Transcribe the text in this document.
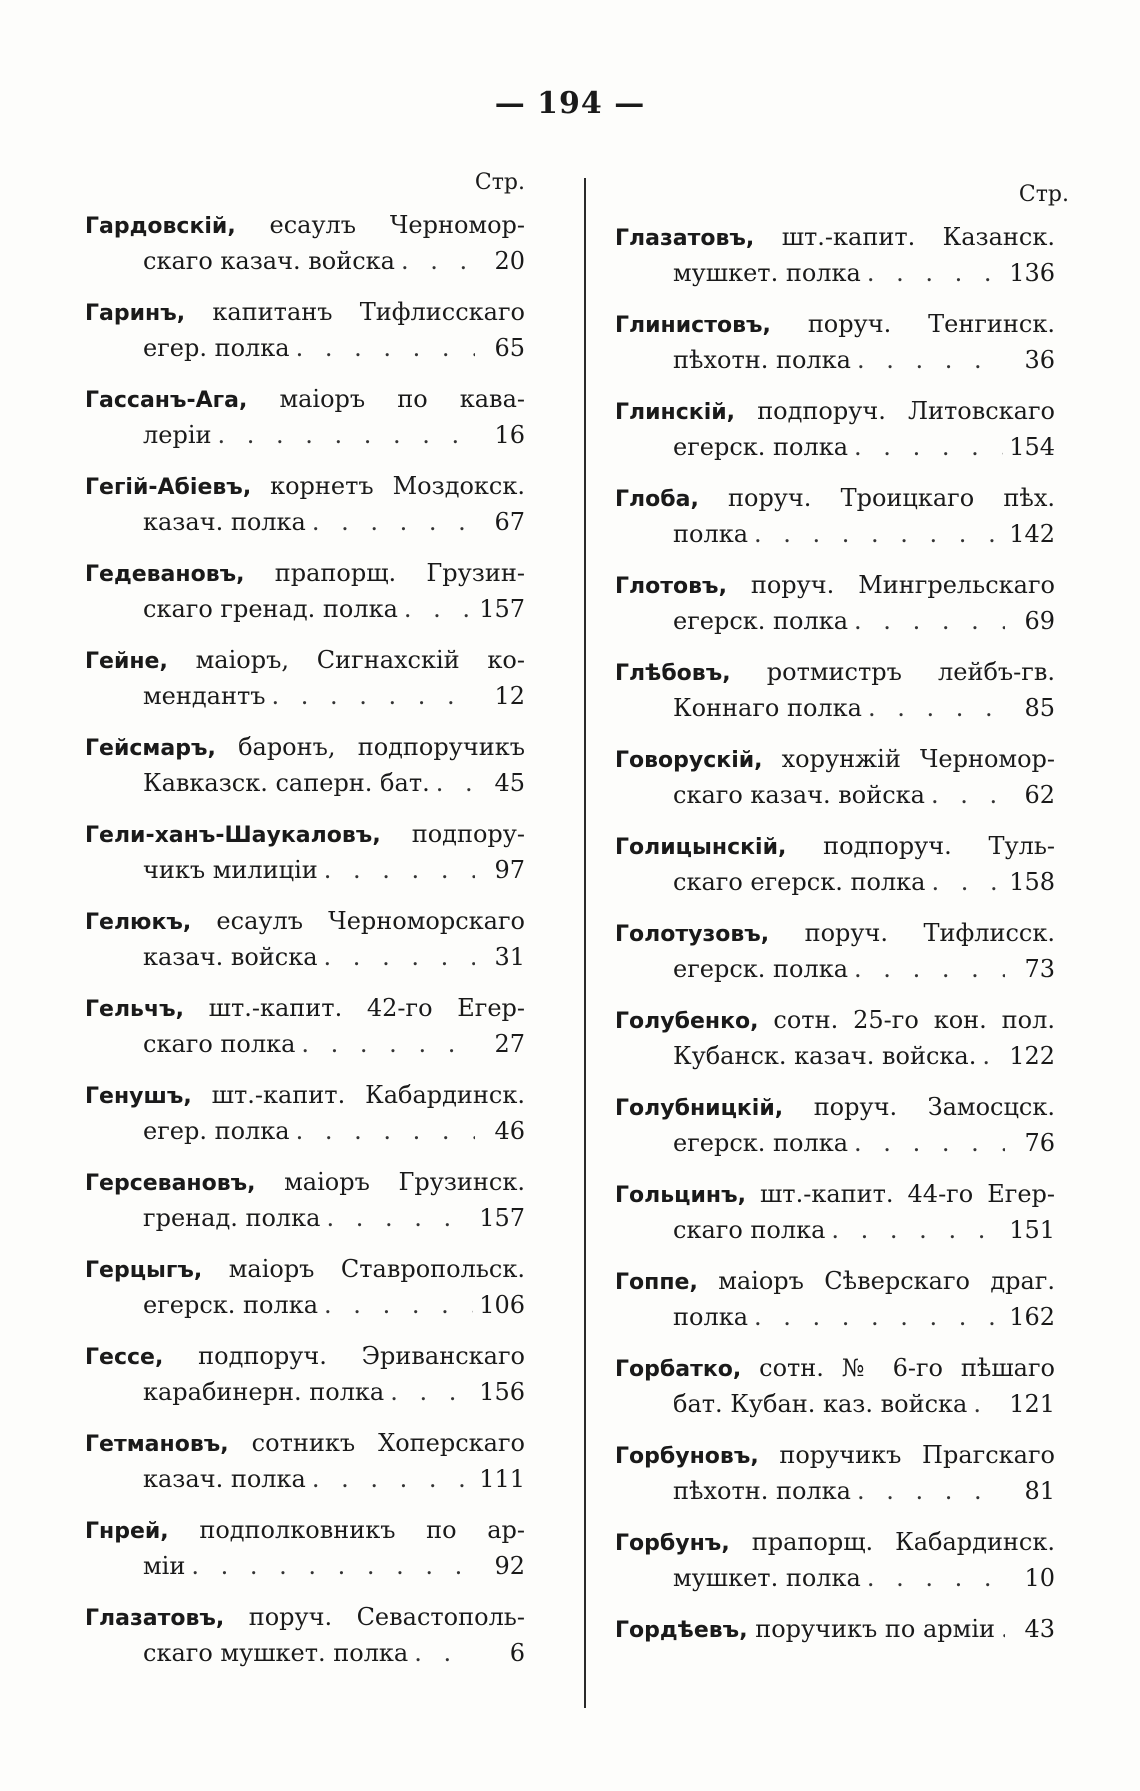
— 194 —
Стр.
Гардовскій, есаулъ Черномор-
скаго казач. войска . . .	20
Гаринъ, капитанъ Тифлисскаго
егер. полка . . .	65
Гассанъ-Ага, маіоръ по кава-
леріи . . .	16
Гегій-Абіевъ, корнетъ Моздокск.
казач. полка . . .	67
Гедевановъ, прапорщ. Грузин-
скаго гренад. полка . . .	157
Гейне, маіоръ, Сигнахскій ко-
мендантъ . . .	12
Гейсмаръ, баронъ, подпоручикъ
Кавказск. саперн. бат. . . .	45
Гели-ханъ-Шаукаловъ, подпору-
чикъ милиціи . . .	97
Гелюкъ, есаулъ Черноморскаго
казач. войска . . .	31
Гельчъ, шт.-капит. 42-го Егер-
скаго полка . . .	27
Генушъ, шт.-капит. Кабардинск.
егер. полка . . .	46
Герсевановъ, маіоръ Грузинск.
гренад. полка . . .	157
Герцыгъ, маіоръ Ставропольск.
егерск. полка . . .	106
Гессе, подпоруч. Эриванскаго
карабинерн. полка . . .	156
Гетмановъ, сотникъ Хоперскаго
казач. полка . . .	111
Гнрей, подполковникъ по ар-
міи . . .	92
Глазатовъ, поруч. Севастополь-
скаго мушкет. полка . . .	6
Стр.
Глазатовъ, шт.-капит. Казанск.
мушкет. полка . . .	136
Глинистовъ, поруч. Тенгинск.
пѣхотн. полка . . .	36
Глинскій, подпоруч. Литовскаго
егерск. полка . . .	154
Глоба, поруч. Троицкаго пѣх.
полка . . .	142
Глотовъ, поруч. Мингрельскаго
егерск. полка . . .	69
Глѣбовъ, ротмистръ лейбъ-гв.
Коннаго полка . . .	85
Говорускій, хорунжій Черномор-
скаго казач. войска . . .	62
Голицынскій, подпоруч. Туль-
скаго егерск. полка . . .	158
Голотузовъ, поруч. Тифлисск.
егерск. полка . . .	73
Голубенко, сотн. 25-го кон. пол.
Кубанск. казач. войска. . . . 122
Голубницкій, поруч. Замосцск.
егерск. полка . . .	76
Гольцинъ, шт.-капит. 44-го Егер-
скаго полка . . .	151
Гоппе, маіоръ Сѣверскаго драг.
полка . . .	162
Горбатко, сотн. № 6-го пѣшаго
бат. Кубан. каз. войска . . . 121
Горбуновъ, поручикъ Прагскаго
пѣхотн. полка . . .	81
Горбунъ, прапорщ. Кабардинск.
мушкет. полка . . .	10
Гордѣевъ,
поручикъ по арміи . . .	43
